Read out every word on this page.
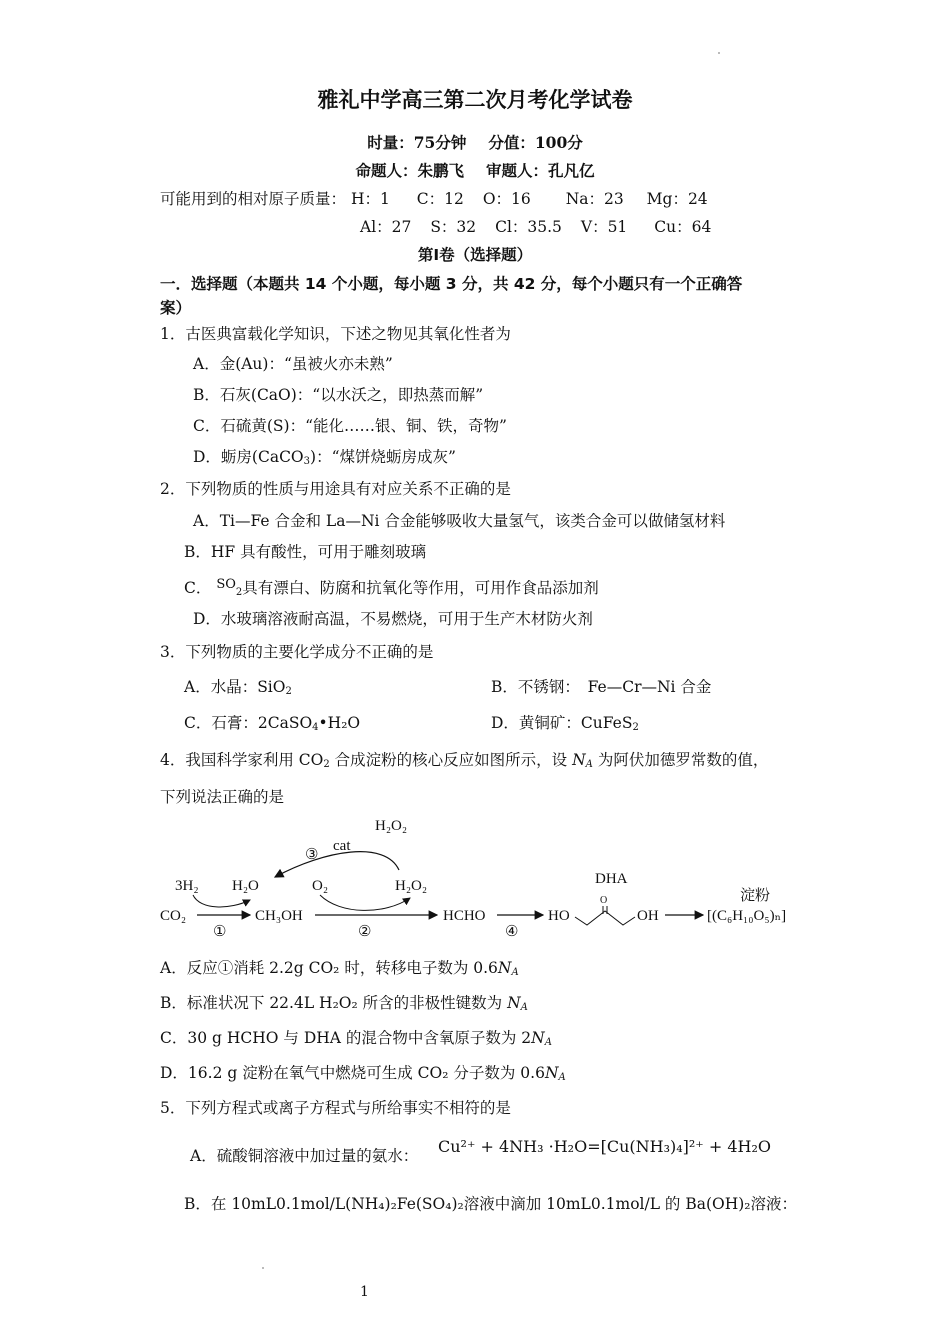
雅礼中学高三第二次月考化学试卷
时量：75分钟 分值：100分
命题人：朱鹏飞 审题人：孔凡亿
可能用到的相对原子质量： H：1 C：12 O：16 Na：23 Mg：24
Al：27 S：32 Cl：35.5 V：51 Cu：64
第Ⅰ卷（选择题）
一．选择题（本题共 14 个小题，每小题 3 分，共 42 分，每个小题只有一个正确答
案）
1．古医典富载化学知识，下述之物见其氧化性者为
A．金(Au)：“虽被火亦未熟”
B．石灰(CaO)：“以水沃之，即热蒸而解”
C．石硫黄(S)：“能化……银、铜、铁，奇物”
D．蛎房(CaCO$_3$)：“煤饼烧蛎房成灰”
2．下列物质的性质与用途具有对应关系不正确的是
A．Ti—Fe 合金和 La—Ni 合金能够吸收大量氢气，该类合金可以做储氢材料
B．HF 具有酸性，可用于雕刻玻璃
C． $^{SO}_2$具有漂白、防腐和抗氧化等作用，可用作食品添加剂
D．水玻璃溶液耐高温，不易燃烧，可用于生产木材防火剂
3．下列物质的主要化学成分不正确的是
A．水晶：SiO$_2$	B．不锈钢：　Fe—Cr—Ni 合金
C．石膏：2CaSO$_4$•H₂O	D．黄铜矿：CuFeS$_2$
4．我国科学家利用 $CO_2$ 合成淀粉的核心反应如图所示，设 $N_A$ 为阿伏加德罗常数的值，
下列说法正确的是
H₂O₂
cat
③
3H₂ H₂O	O₂	H₂O₂	DHA
淀粉
CO₂	CH₃OH	HCHO	HO
O
OH	[(C₆H₁₀O₅)ₙ]
①	②	④
A．反应①消耗 2.2g CO₂ 时，转移电子数为 $0.6N_A$
B．标准状况下 22.4L H₂O₂ 所含的非极性键数为 $N_A$
C．30 g HCHO 与 DHA 的混合物中含氧原子数为 $2N_A$
D．16.2 g 淀粉在氧气中燃烧可生成 CO₂ 分子数为 $0.6N_A$
5．下列方程式或离子方程式与所给事实不相符的是
A．硫酸铜溶液中加过量的氨水： Cu²⁺ + 4NH₃ ·H₂O=[Cu(NH₃)₄]²⁺ + 4H₂O
B．在 10mL0.1mol/L(NH₄)₂Fe(SO₄)₂溶液中滴加 10mL0.1mol/L 的 Ba(OH)₂溶液：
1
